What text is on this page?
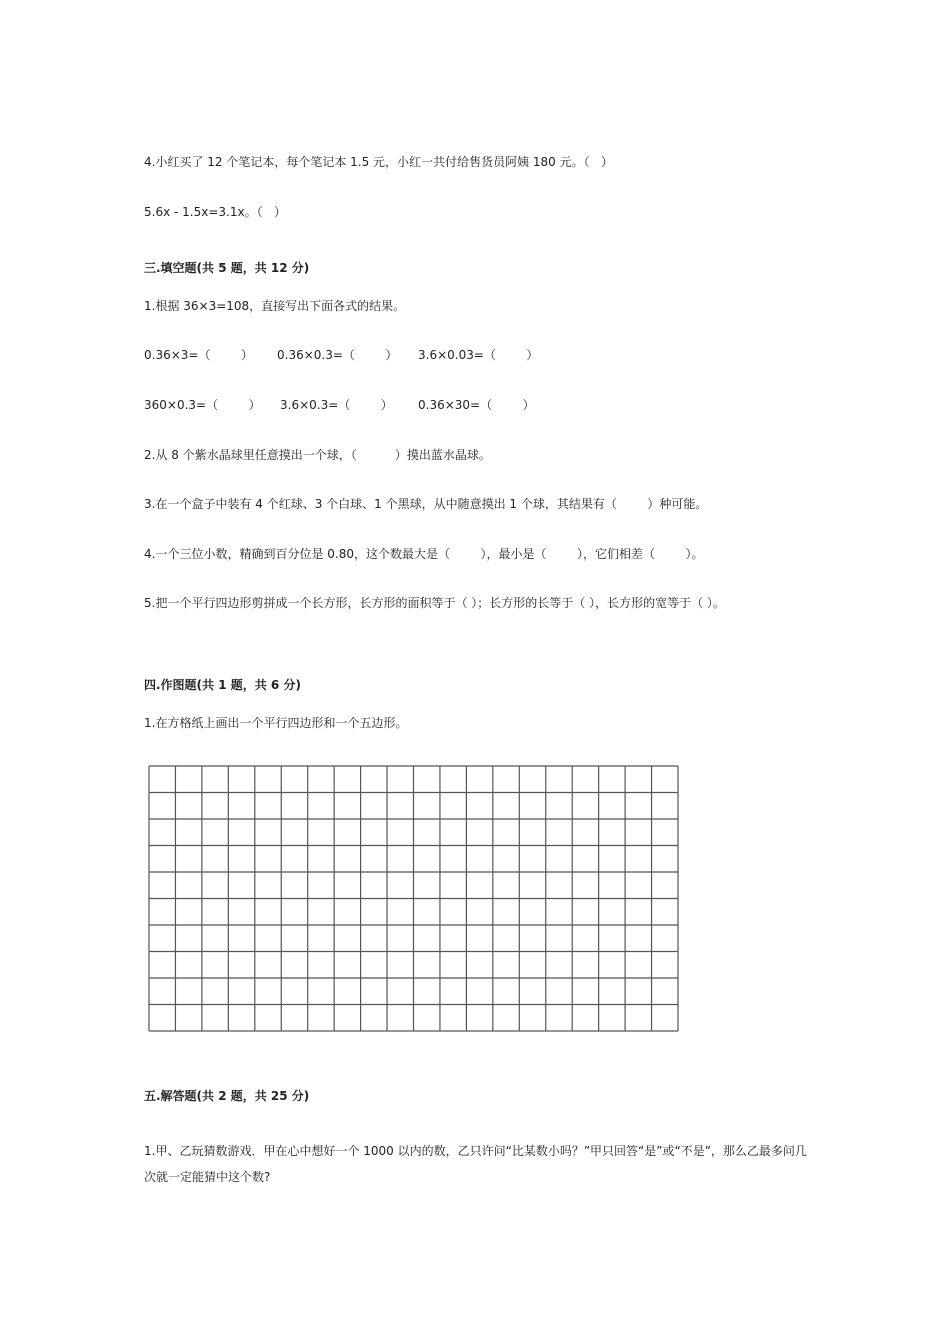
4.小红买了 12 个笔记本，每个笔记本 1.5 元，小红一共付给售货员阿姨 180 元。（   ）
5.6x - 1.5x=3.1x。（   ）
三.填空题(共 5 题，共 12 分)
1.根据 36×3=108，直接写出下面各式的结果。

0.36×3=（        ）

0.36×0.3=（        ）

3.6×0.03=（        ）

360×0.3=（        ）

3.6×0.3=（        ）

0.36×30=（        ）

2.从 8 个紫水晶球里任意摸出一个球，（          ）摸出蓝水晶球。
3.在一个盒子中装有 4 个红球、3 个白球、1 个黑球，从中随意摸出 1 个球，其结果有（        ）种可能。
4.一个三位小数，精确到百分位是 0.80，这个数最大是（        ），最小是（        ），它们相差（        ）。
5.把一个平行四边形剪拼成一个长方形，长方形的面积等于（ ）；长方形的长等于（ ），长方形的宽等于（ ）。
四.作图题(共 1 题，共 6 分)
1.在方格纸上画出一个平行四边形和一个五边形。
五.解答题(共 2 题，共 25 分)
1.甲、乙玩猜数游戏．甲在心中想好一个 1000 以内的数，乙只许问“比某数小吗？”甲只回答“是”或“不是”，那么乙最多问几次就一定能猜中这个数?
